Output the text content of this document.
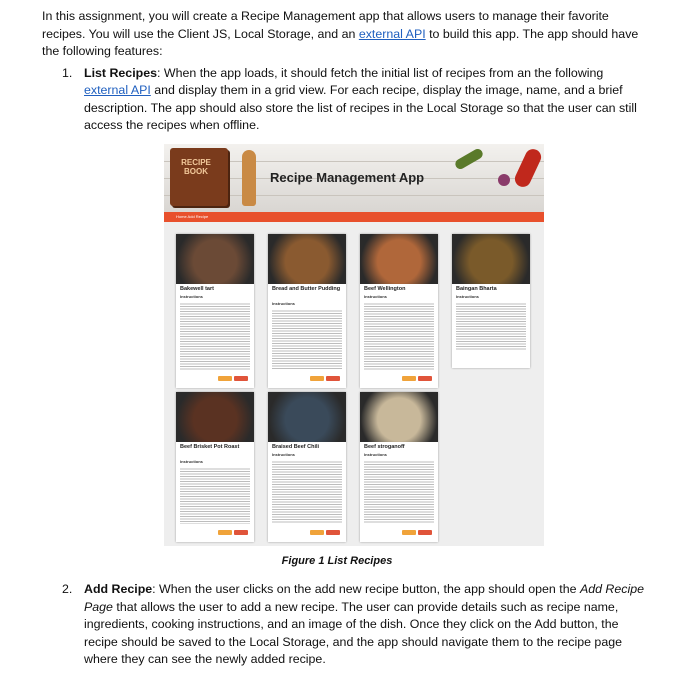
In this assignment, you will create a Recipe Management app that allows users to manage their favorite recipes. You will use the Client JS, Local Storage, and an external API to build this app. The app should have the following features:

1. List Recipes: When the app loads, it should fetch the initial list of recipes from an the following external API and display them in a grid view. For each recipe, display the image, name, and a brief description. The app should also store the list of recipes in the Local Storage so that the user can still access the recipes when offline.
RECIPE BOOK	Recipe Management App
Home Add Recipe
Bakewell tart
Instructions
Bread and Butter Pudding
Instructions
Beef Wellington
Instructions
Baingan Bharta
Instructions
Beef Brisket Pot Roast
Instructions
Braised Beef Chili
Instructions
Beef stroganoff
Instructions
Figure 1 List Recipes
2. Add Recipe: When the user clicks on the add new recipe button, the app should open the Add Recipe Page that allows the user to add a new recipe. The user can provide details such as recipe name, ingredients, cooking instructions, and an image of the dish. Once they click on the Add button, the recipe should be saved to the Local Storage, and the app should navigate them to the recipe page where they can see the newly added recipe.
